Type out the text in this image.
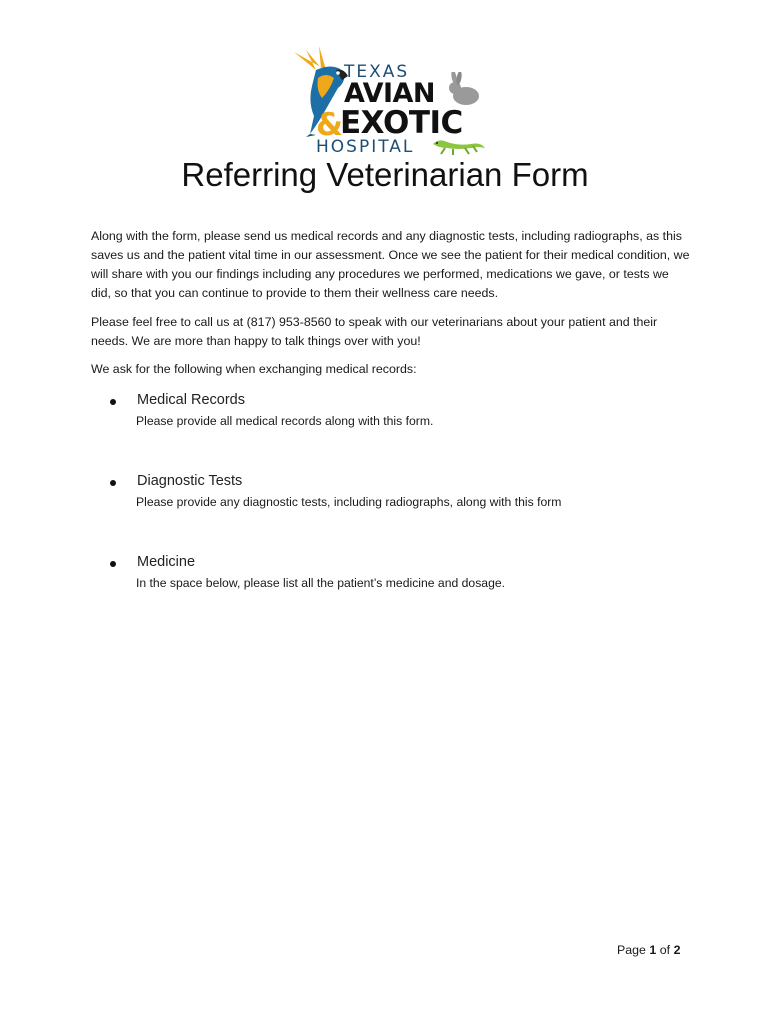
TEXAS
AVIAN
&
EXOTIC
HOSPITAL
Referring Veterinarian Form

Along with the form, please send us medical records and any diagnostic tests, including radiographs, as this saves us and the patient vital time in our assessment. Once we see the patient for their medical condition, we will share with you our findings including any procedures we performed, medications we gave, or tests we did, so that you can continue to provide to them their wellness care needs.

Please feel free to call us at (817) 953-8560 to speak with our veterinarians about your patient and their needs. We are more than happy to talk things over with you!

We ask for the following when exchanging medical records:

Medical Records
Please provide all medical records along with this form.
Diagnostic Tests
Please provide any diagnostic tests, including radiographs, along with this form
Medicine
In the space below, please list all the patient’s medicine and dosage.
Page 1 of 2
